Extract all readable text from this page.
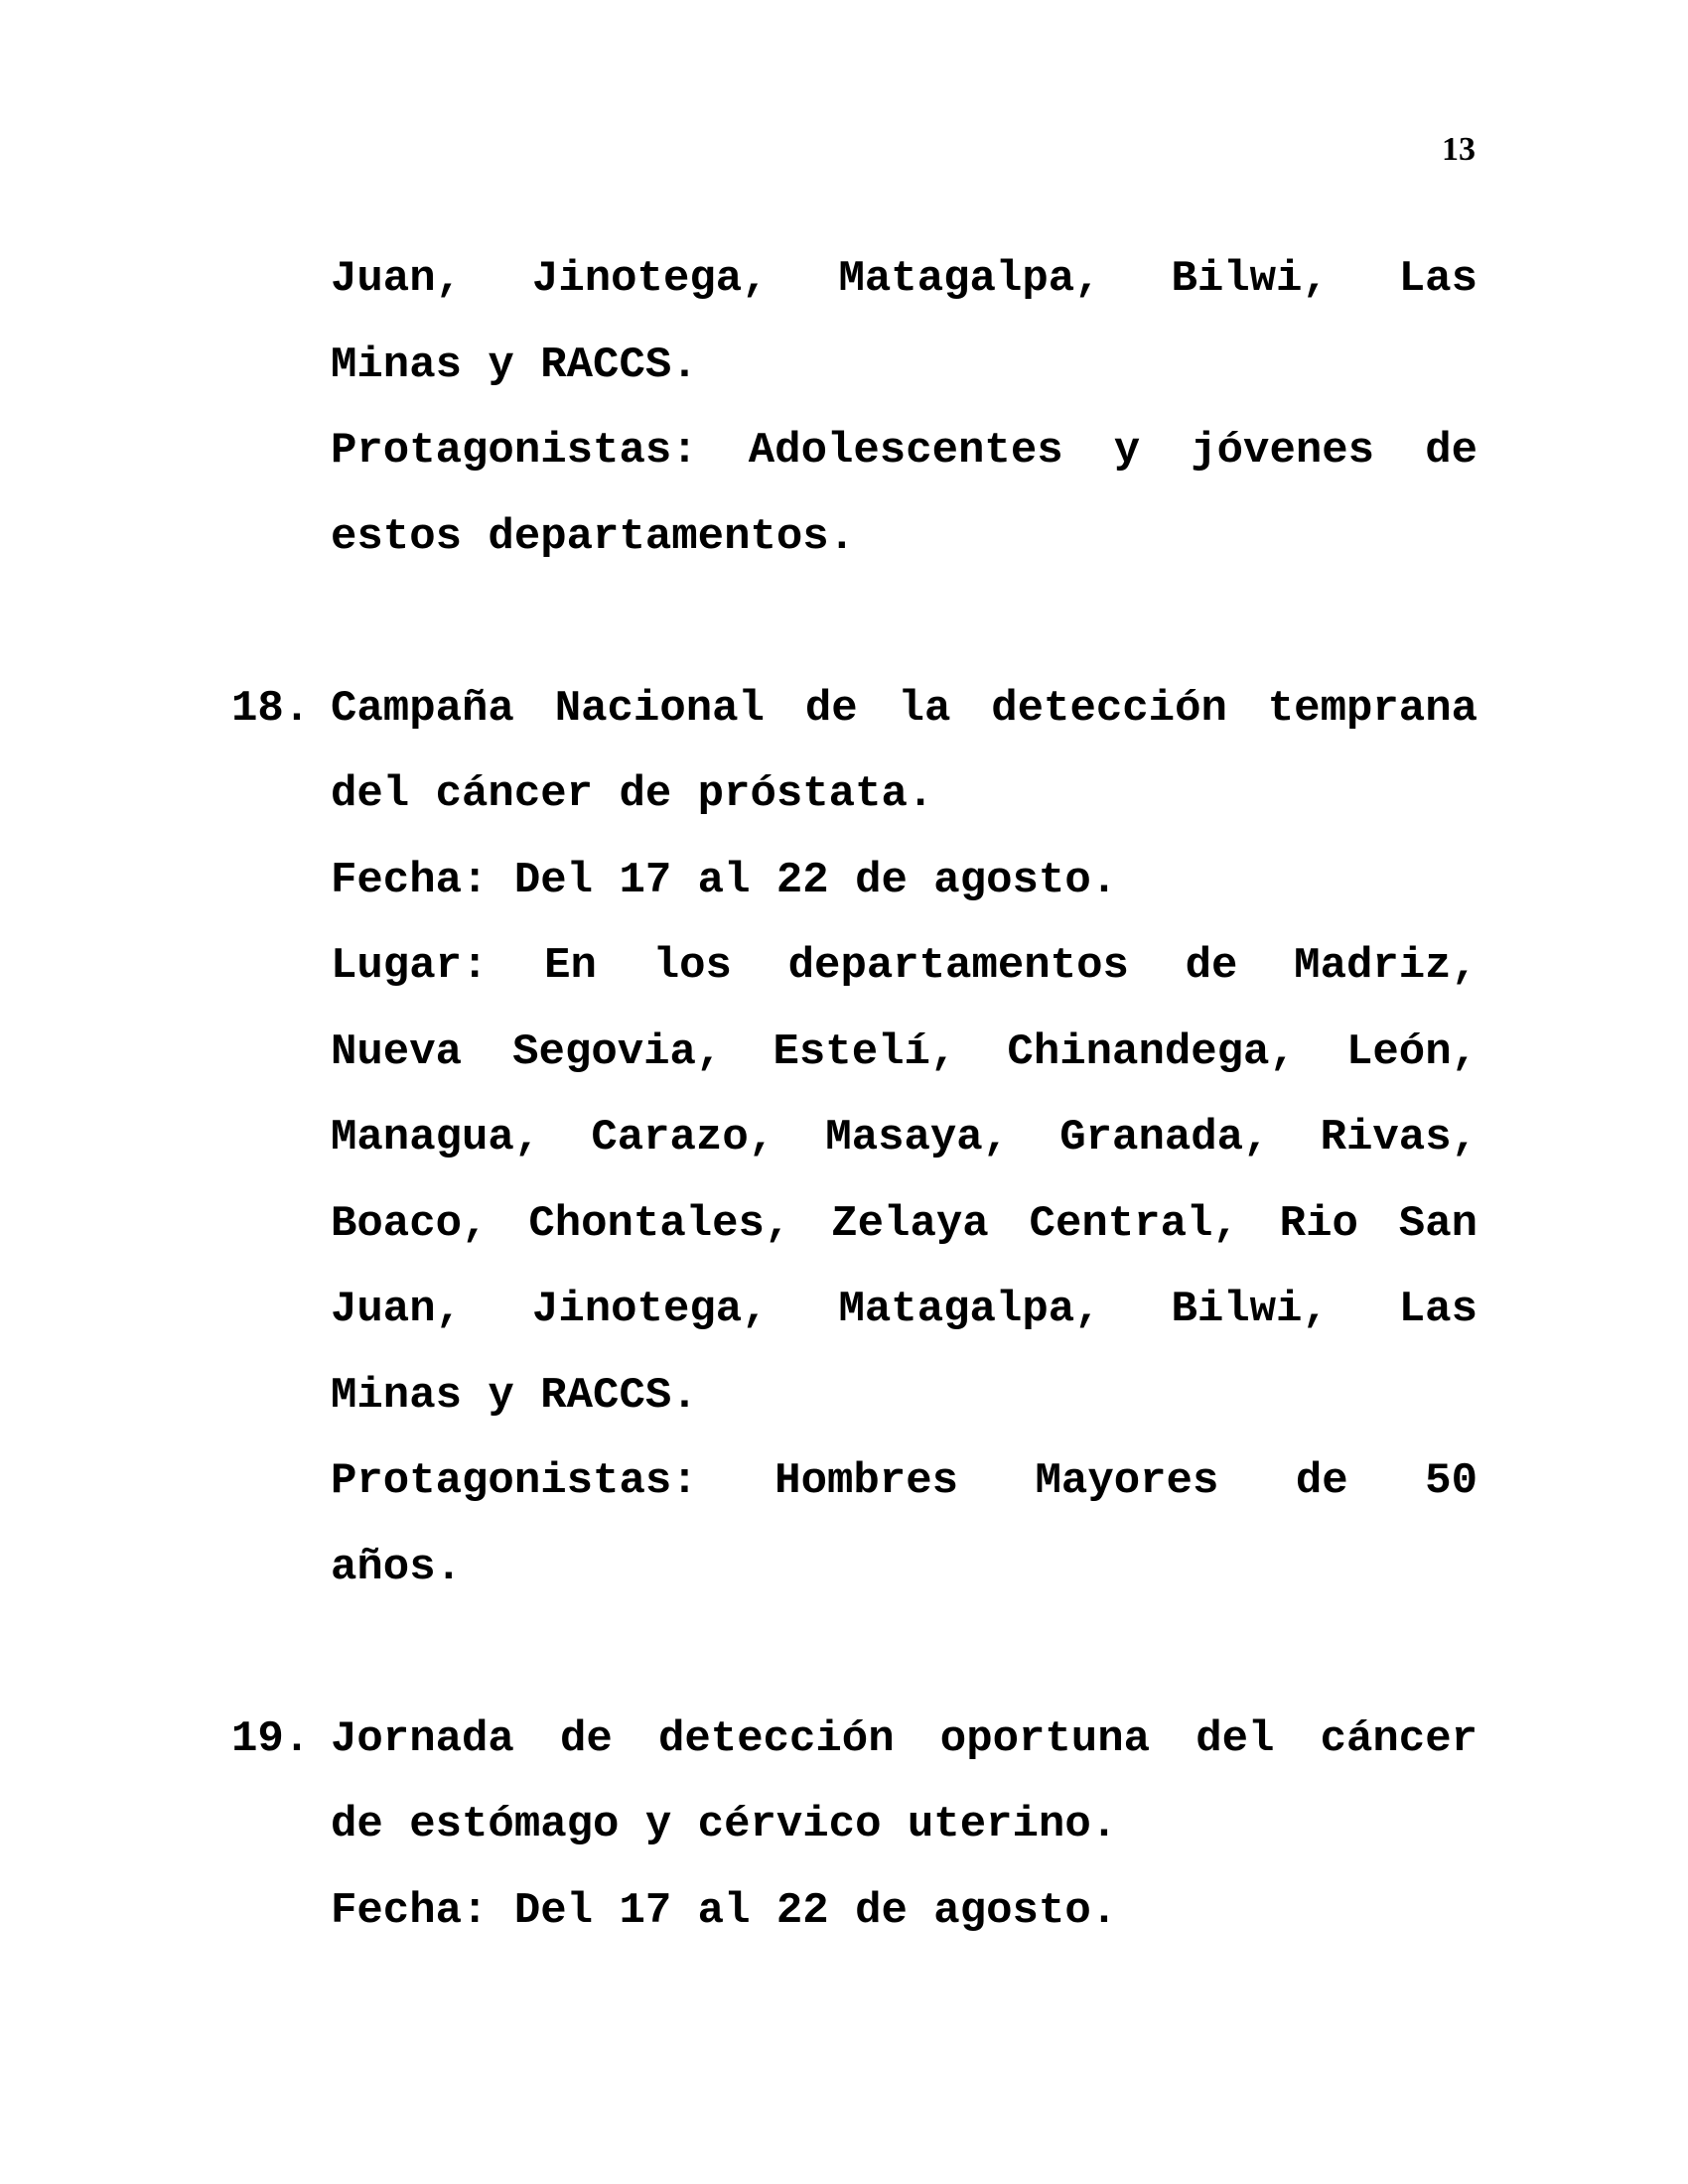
13
Juan, Jinotega, Matagalpa, Bilwi, Las
Minas y RACCS.
Protagonistas: Adolescentes y jóvenes de
estos departamentos.
18. Campaña Nacional de la detección temprana
del cáncer de próstata.
Fecha: Del 17 al 22 de agosto.
Lugar: En los departamentos de Madriz,
Nueva Segovia, Estelí, Chinandega, León,
Managua, Carazo, Masaya, Granada, Rivas,
Boaco, Chontales, Zelaya Central, Rio San
Juan, Jinotega, Matagalpa, Bilwi, Las
Minas y RACCS.
Protagonistas: Hombres Mayores de 50
años.
19. Jornada de detección oportuna del cáncer
de estómago y cérvico uterino.
Fecha: Del 17 al 22 de agosto.
